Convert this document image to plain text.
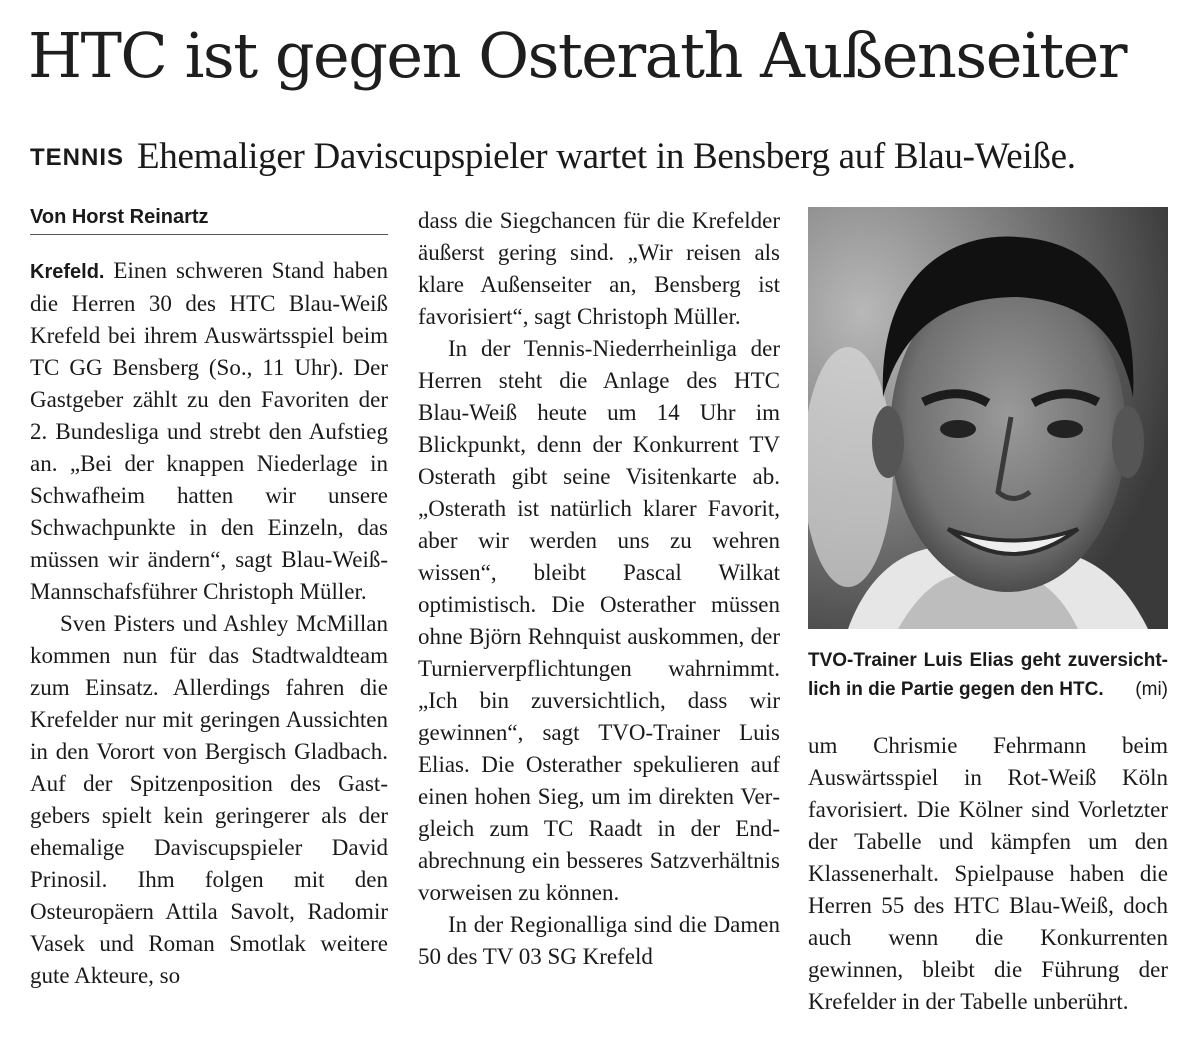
HTC ist gegen Osterath Außenseiter
TENNIS Ehemaliger Daviscupspieler wartet in Bensberg auf Blau-Weiße.
Von Horst Reinartz

Krefeld. Einen schweren Stand haben die Herren 30 des HTC Blau-Weiß Krefeld bei ihrem Auswärtsspiel beim TC GG Bensberg (So., 11 Uhr). Der Gastgeber zählt zu den Favoriten der 2. Bundesliga und strebt den Aufstieg an. „Bei der knappen Niederlage in Schwafheim hatten wir unsere Schwachpunkte in den Einzeln, das müssen wir ändern“, sagt Blau-Weiß-Mannschafsführer Christoph Müller.

Sven Pisters und Ashley McMillan kommen nun für das Stadtwaldteam zum Einsatz. Allerdings fahren die Krefelder nur mit geringen Aussichten in den Vorort von Bergisch Gladbach. Auf der Spitzenposition des Gastgebers spielt kein geringerer als der ehemalige Daviscupspieler David Prinosil. Ihm folgen mit den Osteuropäern Attila Savolt, Radomir Vasek und Roman Smotlak weitere gute Akteure, so

dass die Siegchancen für die Krefelder äußerst gering sind. „Wir reisen als klare Außenseiter an, Bensberg ist favorisiert“, sagt Christoph Müller.

In der Tennis-Niederrheinliga der Herren steht die Anlage des HTC Blau-Weiß heute um 14 Uhr im Blickpunkt, denn der Konkurrent TV Osterath gibt seine Visitenkarte ab. „Osterath ist natürlich klarer Favorit, aber wir werden uns zu wehren wissen“, bleibt Pascal Wilkat optimistisch. Die Osterather müssen ohne Björn Rehnquist auskommen, der Turnierverpflichtungen wahrnimmt. „Ich bin zuversichtlich, dass wir gewinnen“, sagt TVO-Trainer Luis Elias. Die Osterather spekulieren auf einen hohen Sieg, um im direkten Vergleich zum TC Raadt in der Endabrechnung ein besseres Satzverhältnis vorweisen zu können.

In der Regionalliga sind die Damen 50 des TV 03 SG Krefeld

TVO-Trainer Luis Elias geht zuversichtlich in die Partie gegen den HTC. (mi)

um Chrismie Fehrmann beim Auswärtsspiel in Rot-Weiß Köln favorisiert. Die Kölner sind Vorletzter der Tabelle und kämpfen um den Klassenerhalt. Spielpause haben die Herren 55 des HTC Blau-Weiß, doch auch wenn die Konkurrenten gewinnen, bleibt die Führung der Krefelder in der Tabelle unberührt.
